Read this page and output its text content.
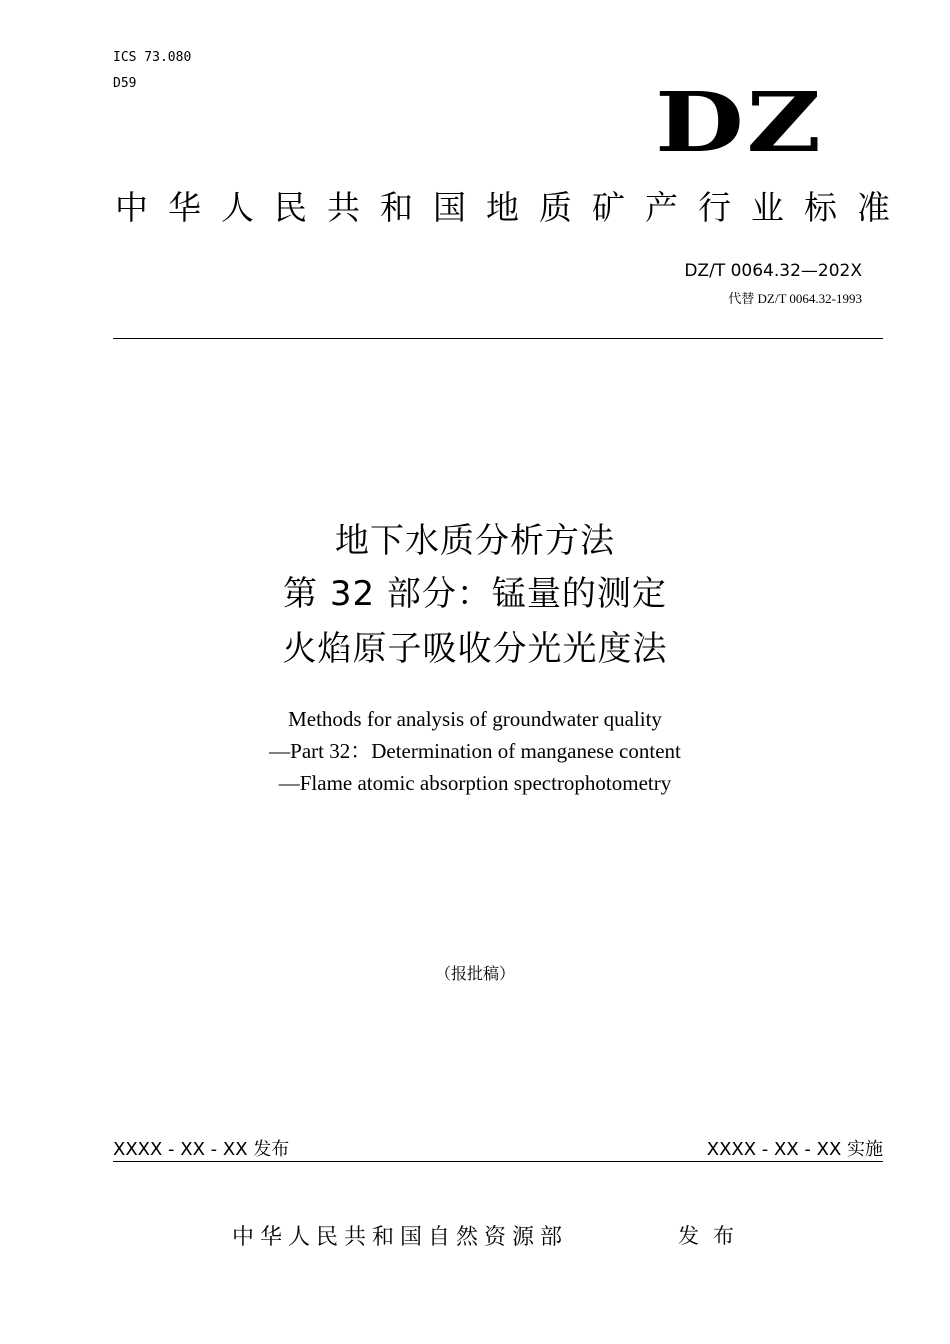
ICS 73.080
D59	DZ
中华人民共和国地质矿产行业标准
DZ/T 0064.32—202X
代替 DZ/T 0064.32-1993
地下水质分析方法
第 32 部分：锰量的测定
火焰原子吸收分光光度法
Methods for analysis of groundwater quality
—Part 32：Determination of manganese content
—Flame atomic absorption spectrophotometry
（报批稿）
XXXX - XX - XX 发布	XXXX - XX - XX 实施
中华人民共和国自然资源部	发布
